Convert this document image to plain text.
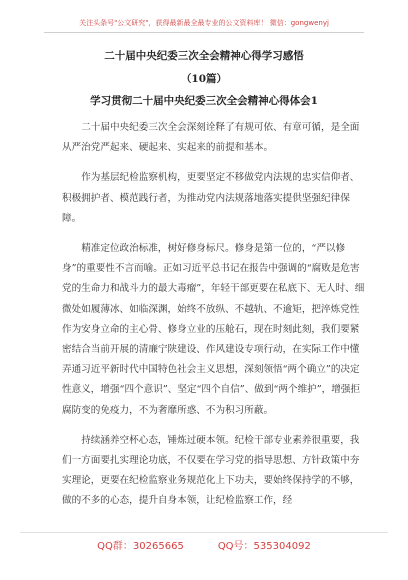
关注头条号"公文研究"，获得最新最全最专业的公文资料库！ 微信：gongwenyj
二十届中央纪委三次全会精神心得学习感悟
（10篇）
学习贯彻二十届中央纪委三次全会精神心得体会1

二十届中央纪委三次全会深刻诠释了有规可依、有章可循，是全面从严治党严起来、硬起来、实起来的前提和基本。

作为基层纪检监察机构，更要坚定不移做党内法规的忠实信仰者、积极拥护者、模范践行者，为推动党内法规落地落实提供坚强纪律保障。

精准定位政治标准，树好修身标尺。修身是第一位的，“严以修身”的重要性不言而喻。正如习近平总书记在报告中强调的“腐败是危害党的生命力和战斗力的最大毒瘤”，年轻干部更要在私底下、无人时、细微处如履薄冰、如临深渊，始终不放纵、不越轨、不逾矩，把淬炼党性作为安身立命的主心骨、修身立业的压舱石，现在时刻此刻，我们要紧密结合当前开展的清廉宁陕建设、作风建设专项行动，在实际工作中懂弄通习近平新时代中国特色社会主义思想，深刻领悟“两个确立”的决定性意义，增强“四个意识”、坚定“四个自信”、做到“两个维护”，增强拒腐防变的免疫力，不为奢靡所惑、不为积习所蔽。

持续涵养空杯心态，锤炼过硬本领。纪检干部专业素养很重要，我们一方面要扎实理论功底，不仅要在学习党的指导思想、方针政策中夯实理论，更要在纪检监察业务规范化上下功夫，要始终保持学的不够，做的不多的心态，提升自身本领，让纪检监察工作，经

QQ群：30265665	QQ号：535304092
